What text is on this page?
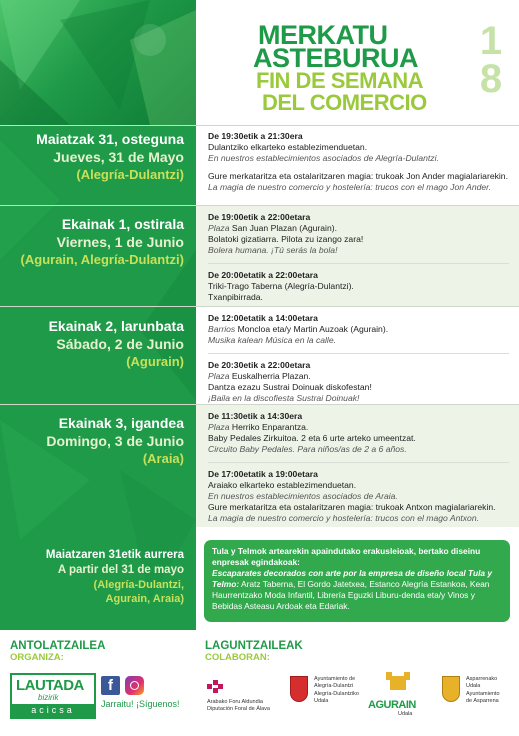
MERKATU
ASTEBURUA
FIN DE SEMANA
DEL COMERCIO
1
8
Maiatzak 31, osteguna
Jueves, 31 de Mayo
(Alegría-Dulantzi)
De 19:30etik a 21:30era
Dulantziko elkarteko establezimenduetan.
En nuestros establecimientos asociados de Alegría-Dulantzi.
Gure merkataritza eta ostalaritzaren magia: trukoak Jon Ander magialariarekin.
La magia de nuestro comercio y hostelería: trucos con el mago Jon Ander.
Ekainak 1, ostirala
Viernes, 1 de Junio
(Agurain, Alegría-Dulantzi)
De 19:00etik a 22:00etara
Plaza San Juan Plazan (Agurain).
Bolatoki gizatiarra. Pilota zu izango zara!
Bolera humana. ¡Tú serás la bola!
De 20:00etatik a 22:00etara
Triki-Trago Taberna (Alegría-Dulantzi).
Txanpibirrada.
Ekainak 2, larunbata
Sábado, 2 de Junio
(Agurain)
De 12:00etatik a 14:00etara
Barrios Moncloa eta/y Martin Auzoak (Agurain).
Musika kalean Música en la calle.
De 20:30etik a 22:00etara
Plaza Euskalherria Plazan.
Dantza ezazu Sustrai Doinuak diskofestan!
¡Baila en la discofiesta Sustrai Doinuak!
Ekainak 3, igandea
Domingo, 3 de Junio
(Araia)
De 11:30etik a 14:30era
Plaza Herriko Enparantza.
Baby Pedales Zirkuitoa. 2 eta 6 urte arteko umeentzat.
Circuito Baby Pedales. Para niños/as de 2 a 6 años.
De 17:00etatik a 19:00etara
Araiako elkarteko establezimenduetan.
En nuestros establecimientos asociados de Araia.
Gure merkataritza eta ostalaritzaren magia: trukoak Antxon magialariarekin.
La magia de nuestro comercio y hostelería: trucos con el mago Antxon.
Maiatzaren 31etik aurrera
A partir del 31 de mayo
(Alegría-Dulantzi,
Agurain, Araia)
Tula y Telmok artearekin apaindutako erakusleioak, bertako diseinu enpresak egindakoak:
Escaparates decorados con arte por la empresa de diseño local Tula y Telmo: Aratz Taberna, El Gordo Jatetxea, Estanco Alegría Estankoa, Kean Haurrentzako Moda Infantil, Librería Eguzki Liburu-denda eta/y Vinos y Bebidas Asteasu Ardoak eta Edariak.
ANTOLATZAILEA
ORGANIZA:
LAUTADA
bizirik
acicsa
f
Jarraitu! ¡Síguenos!
LAGUNTZAILEAK
COLABORAN:
Arabako Foru Aldundia
Diputación Foral de Álava
Ayuntamiento de
Alegría-Dulantzi
Alegría-Dulantziko
Udala	AGURAIN
Udala
Asparrenako
Udala
Ayuntamiento
de Asparrena
